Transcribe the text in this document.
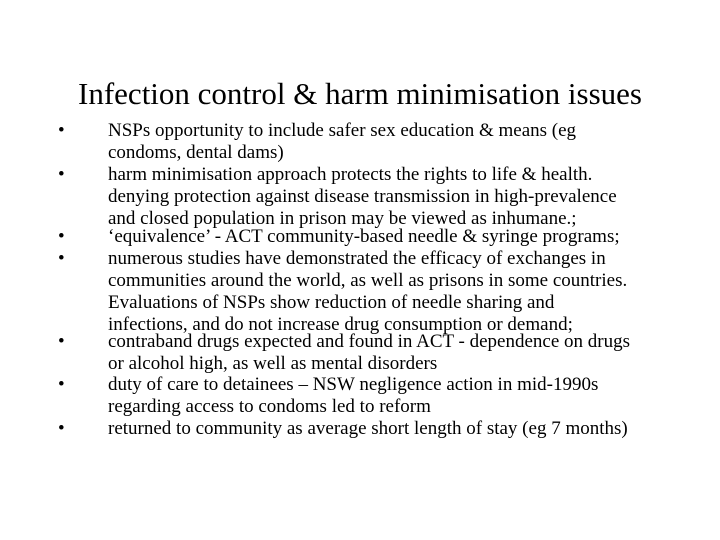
Infection control & harm minimisation issues
• NSPs opportunity to include safer sex education & means (eg
condoms, dental dams)
• harm minimisation approach protects the rights to life & health.
denying protection against disease transmission in high-prevalence
and closed population in prison may be viewed as inhumane.;
• ‘equivalence’ - ACT community-based needle & syringe programs;
• numerous studies have demonstrated the efficacy of exchanges in
communities around the world, as well as prisons in some countries.
Evaluations of NSPs show reduction of needle sharing and
infections, and do not increase drug consumption or demand;
• contraband drugs expected and found in ACT - dependence on drugs
or alcohol high, as well as mental disorders
• duty of care to detainees – NSW negligence action in mid-1990s
regarding access to condoms led to reform
• returned to community as average short length of stay (eg 7 months)
